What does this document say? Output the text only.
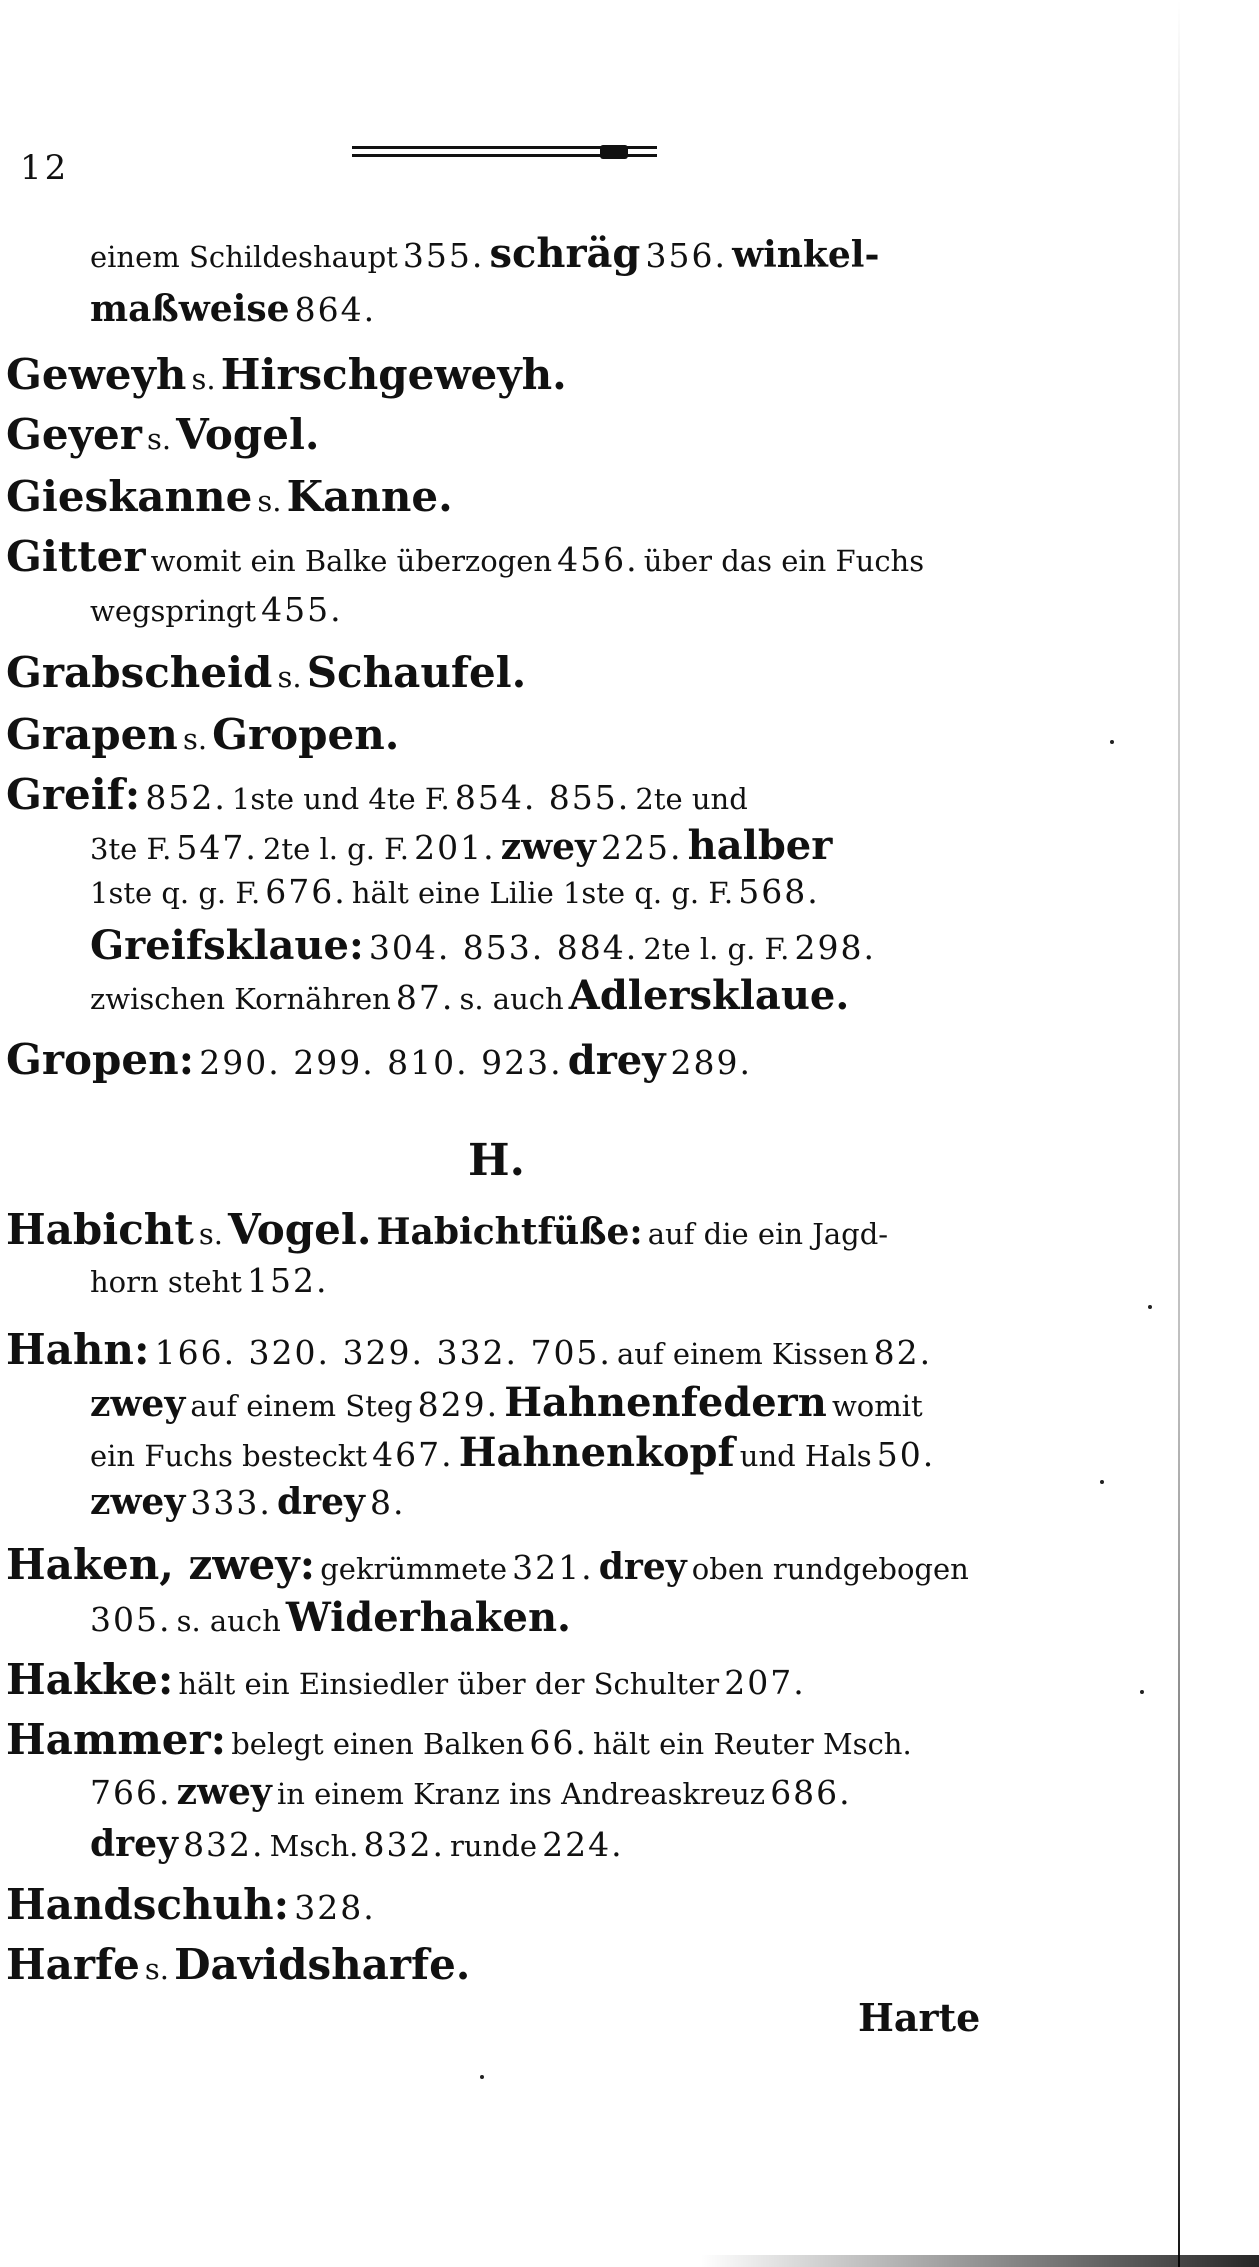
12
einem Schildeshaupt 355. schräg 356. winkel-
maßweise 864.
Geweyh s. Hirschgeweyh.
Geyer s. Vogel.
Gieskanne s. Kanne.
Gitter womit ein Balke überzogen 456. über das ein Fuchs
wegspringt 455.
Grabscheid s. Schaufel.
Grapen s. Gropen.
Greif: 852. 1ste und 4te F. 854. 855. 2te und
3te F. 547. 2te l. g. F. 201. zwey 225. halber
1ste q. g. F. 676. hält eine Lilie 1ste q. g. F. 568.
Greifsklaue: 304. 853. 884. 2te l. g. F. 298.
zwischen Kornähren 87. s. auch Adlersklaue.
Gropen: 290. 299. 810. 923. drey 289.
H.
Habicht s. Vogel. Habichtfüße: auf die ein Jagd-
horn steht 152.
Hahn: 166. 320. 329. 332. 705. auf einem Kissen 82.
zwey auf einem Steg 829. Hahnenfedern womit
ein Fuchs besteckt 467. Hahnenkopf und Hals 50.
zwey 333. drey 8.
Haken, zwey: gekrümmete 321. drey oben rundgebogen
305. s. auch Widerhaken.
Hakke: hält ein Einsiedler über der Schulter 207.
Hammer: belegt einen Balken 66. hält ein Reuter Msch.
766. zwey in einem Kranz ins Andreaskreuz 686.
drey 832. Msch. 832. runde 224.
Handschuh: 328.
Harfe s. Davidsharfe.
Harte
